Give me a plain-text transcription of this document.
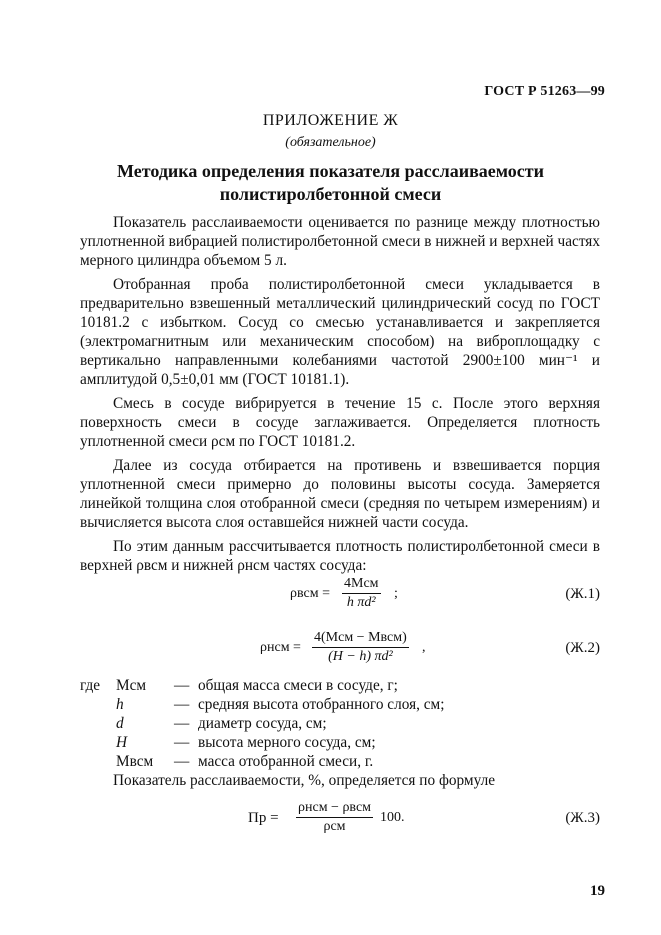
ГОСТ Р 51263—99
ПРИЛОЖЕНИЕ Ж
(обязательное)
Методика определения показателя расслаиваемости
полистиролбетонной смеси

Показатель расслаиваемости оценивается по разнице между плотностью уплотненной вибрацией полистиролбетонной смеси в нижней и верхней частях мерного цилиндра объемом 5 л.

Отобранная проба полистиролбетонной смеси укладывается в предварительно взвешенный металлический цилиндрический сосуд по ГОСТ 10181.2 с избытком. Сосуд со смесью устанавливается и закрепляется (электромагнитным или механическим способом) на виброплощадку с вертикально направленными колебаниями частотой 2900±100 мин⁻¹ и амплитудой 0,5±0,01 мм (ГОСТ 10181.1).

Смесь в сосуде вибрируется в течение 15 с. После этого верхняя поверхность смеси в сосуде заглаживается. Определяется плотность уплотненной смеси ρсм по ГОСТ 10181.2.

Далее из сосуда отбирается на противень и взвешивается порция уплотненной смеси примерно до половины высоты сосуда. Замеряется линейкой толщина слоя отобранной смеси (средняя по четырем измерениям) и вычисляется высота слоя оставшейся нижней части сосуда.

По этим данным рассчитывается плотность полистиролбетонной смеси в верхней ρвсм и нижней ρнсм частях сосуда:

ρвсм =
4Mсм
h πd²
;	(Ж.1)
ρнсм =
4(Mсм − Mвсм)
(H − h) πd²
,	(Ж.2)
где	Mсм	— общая масса смеси в сосуде, г;
h	— средняя высота отобранного слоя, см;
d	— диаметр сосуда, см;
H	— высота мерного сосуда, см;
Mвсм	— масса отобранной смеси, г.
Показатель расслаиваемости, %, определяется по формуле
Пр =
ρнсм − ρвсм
ρсм
100.	(Ж.3)
19
